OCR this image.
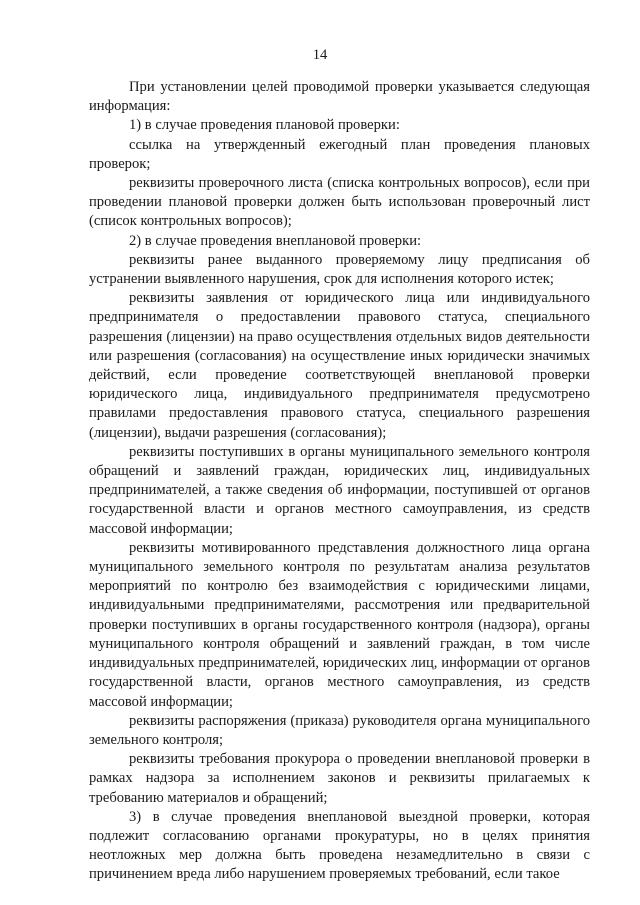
14

При установлении целей проводимой проверки указывается следующая информация:

1) в случае проведения плановой проверки:

ссылка на утвержденный ежегодный план проведения плановых проверок;

реквизиты проверочного листа (списка контрольных вопросов), если при проведении плановой проверки должен быть использован проверочный лист (список контрольных вопросов);

2) в случае проведения внеплановой проверки:

реквизиты ранее выданного проверяемому лицу предписания об устранении выявленного нарушения, срок для исполнения которого истек;

реквизиты заявления от юридического лица или индивидуального предпринимателя о предоставлении правового статуса, специального разрешения (лицензии) на право осуществления отдельных видов деятельности или разрешения (согласования) на осуществление иных юридически значимых действий, если проведение соответствующей внеплановой проверки юридического лица, индивидуального предпринимателя предусмотрено правилами предоставления правового статуса, специального разрешения (лицензии), выдачи разрешения (согласования);

реквизиты поступивших в органы муниципального земельного контроля обращений и заявлений граждан, юридических лиц, индивидуальных предпринимателей, а также сведения об информации, поступившей от органов государственной власти и органов местного самоуправления, из средств массовой информации;

реквизиты мотивированного представления должностного лица органа муниципального земельного контроля по результатам анализа результатов мероприятий по контролю без взаимодействия с юридическими лицами, индивидуальными предпринимателями, рассмотрения или предварительной проверки поступивших в органы государственного контроля (надзора), органы муниципального контроля обращений и заявлений граждан, в том числе индивидуальных предпринимателей, юридических лиц, информации от органов государственной власти, органов местного самоуправления, из средств массовой информации;

реквизиты распоряжения (приказа) руководителя органа муниципального земельного контроля;

реквизиты требования прокурора о проведении внеплановой проверки в рамках надзора за исполнением законов и реквизиты прилагаемых к требованию материалов и обращений;

3) в случае проведения внеплановой выездной проверки, которая подлежит согласованию органами прокуратуры, но в целях принятия неотложных мер должна быть проведена незамедлительно в связи с причинением вреда либо нарушением проверяемых требований, если такое
